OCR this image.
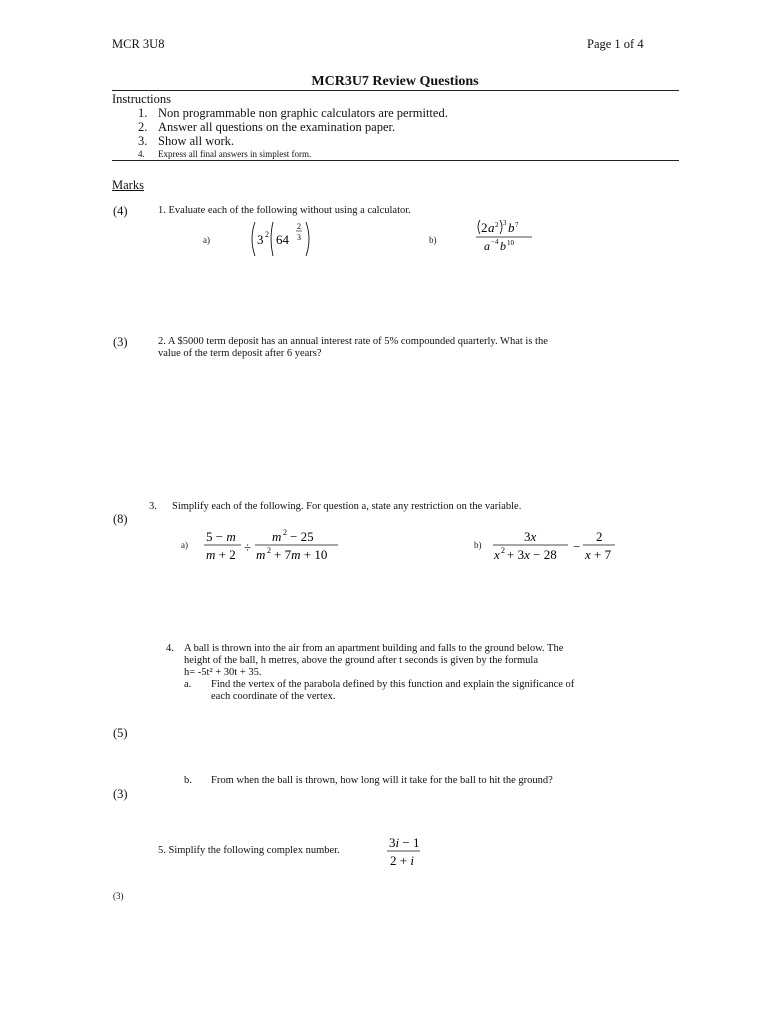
MCR 3U8	Page 1 of 4
MCR3U7 Review Questions
Instructions
1. Non programmable non graphic calculators are permitted.
2. Answer all questions on the examination paper.
3. Show all work.
4. Express all final answers in simplest form.
Marks
(4)	1. Evaluate each of the following without using a calculator.
a)	3 2 64
2
3	b)
2 a 2 3 b 7
a −4 b 10
(3)	2. A $5000 term deposit has an annual interest rate of 5% compounded quarterly. What is the
value of the term deposit after 6 years?
3. Simplify each of the following. For question a, state any restriction on the variable.
(8)
a)
5 − m
m + 2 ÷
m 2 − 25
m 2 + 7m + 10
b)
3x
x 2 + 3x − 28
−
2
x + 7
4. A ball is thrown into the air from an apartment building and falls to the ground below. The
height of the ball, h metres, above the ground after t seconds is given by the formula
h= -5t² + 30t + 35.
a. Find the vertex of the parabola defined by this function and explain the significance of
each coordinate of the vertex.
(5)
b. From when the ball is thrown, how long will it take for the ball to hit the ground?
(3)
5. Simplify the following complex number.
3i − 1
2 + i
(3)
